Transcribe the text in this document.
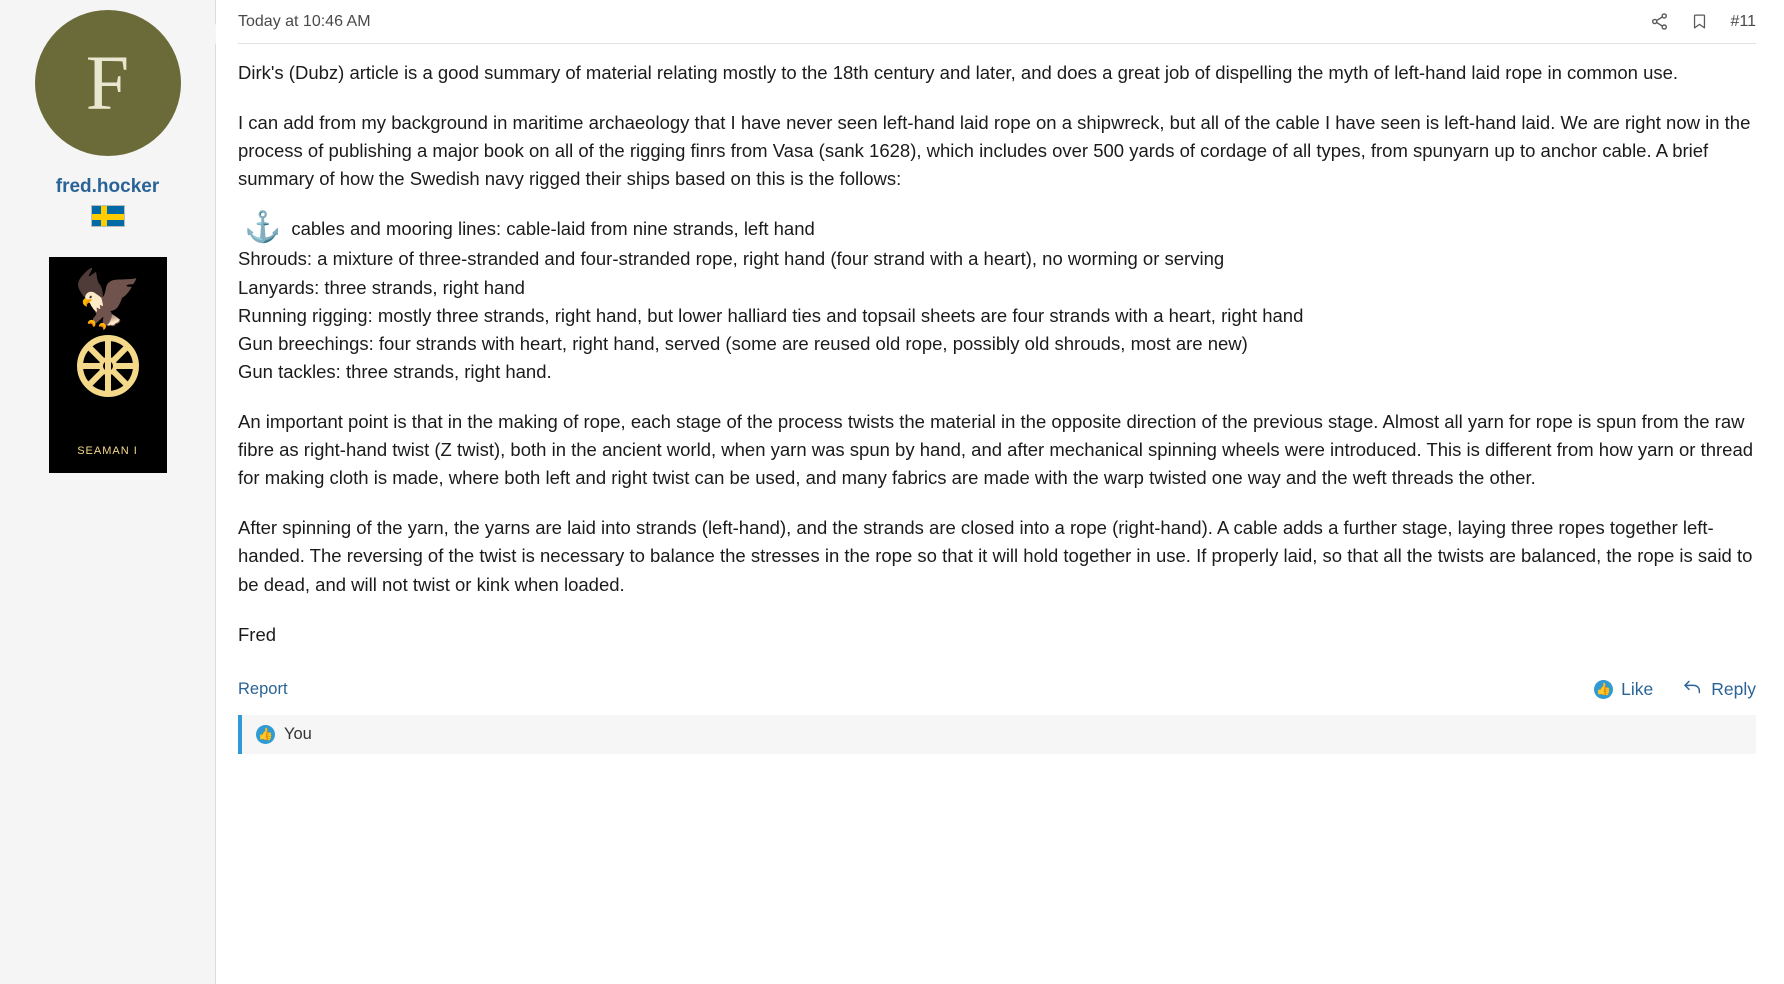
F
fred.hocker
🦅
SEAMAN I
Today at 10:46 AM	#11

Dirk's (Dubz) article is a good summary of material relating mostly to the 18th century and later, and does a great job of dispelling the myth of left-hand laid rope in common use.

I can add from my background in maritime archaeology that I have never seen left-hand laid rope on a shipwreck, but all of the cable I have seen is left-hand laid. We are right now in the process of publishing a major book on all of the rigging finrs from Vasa (sank 1628), which includes over 500 yards of cordage of all types, from spunyarn up to anchor cable. A brief summary of how the Swedish navy rigged their ships based on this is the follows:

⚓ cables and mooring lines: cable-laid from nine strands, left hand
Shrouds: a mixture of three-stranded and four-stranded rope, right hand (four strand with a heart), no worming or serving
Lanyards: three strands, right hand
Running rigging: mostly three strands, right hand, but lower halliard ties and topsail sheets are four strands with a heart, right hand
Gun breechings: four strands with heart, right hand, served (some are reused old rope, possibly old shrouds, most are new)
Gun tackles: three strands, right hand.

An important point is that in the making of rope, each stage of the process twists the material in the opposite direction of the previous stage. Almost all yarn for rope is spun from the raw fibre as right-hand twist (Z twist), both in the ancient world, when yarn was spun by hand, and after mechanical spinning wheels were introduced. This is different from how yarn or thread for making cloth is made, where both left and right twist can be used, and many fabrics are made with the warp twisted one way and the weft threads the other.

After spinning of the yarn, the yarns are laid into strands (left-hand), and the strands are closed into a rope (right-hand). A cable adds a further stage, laying three ropes together left-handed. The reversing of the twist is necessary to balance the stresses in the rope so that it will hold together in use. If properly laid, so that all the twists are balanced, the rope is said to be dead, and will not twist or kink when loaded.

Fred

Report	👍 Like	Reply
👍 You
